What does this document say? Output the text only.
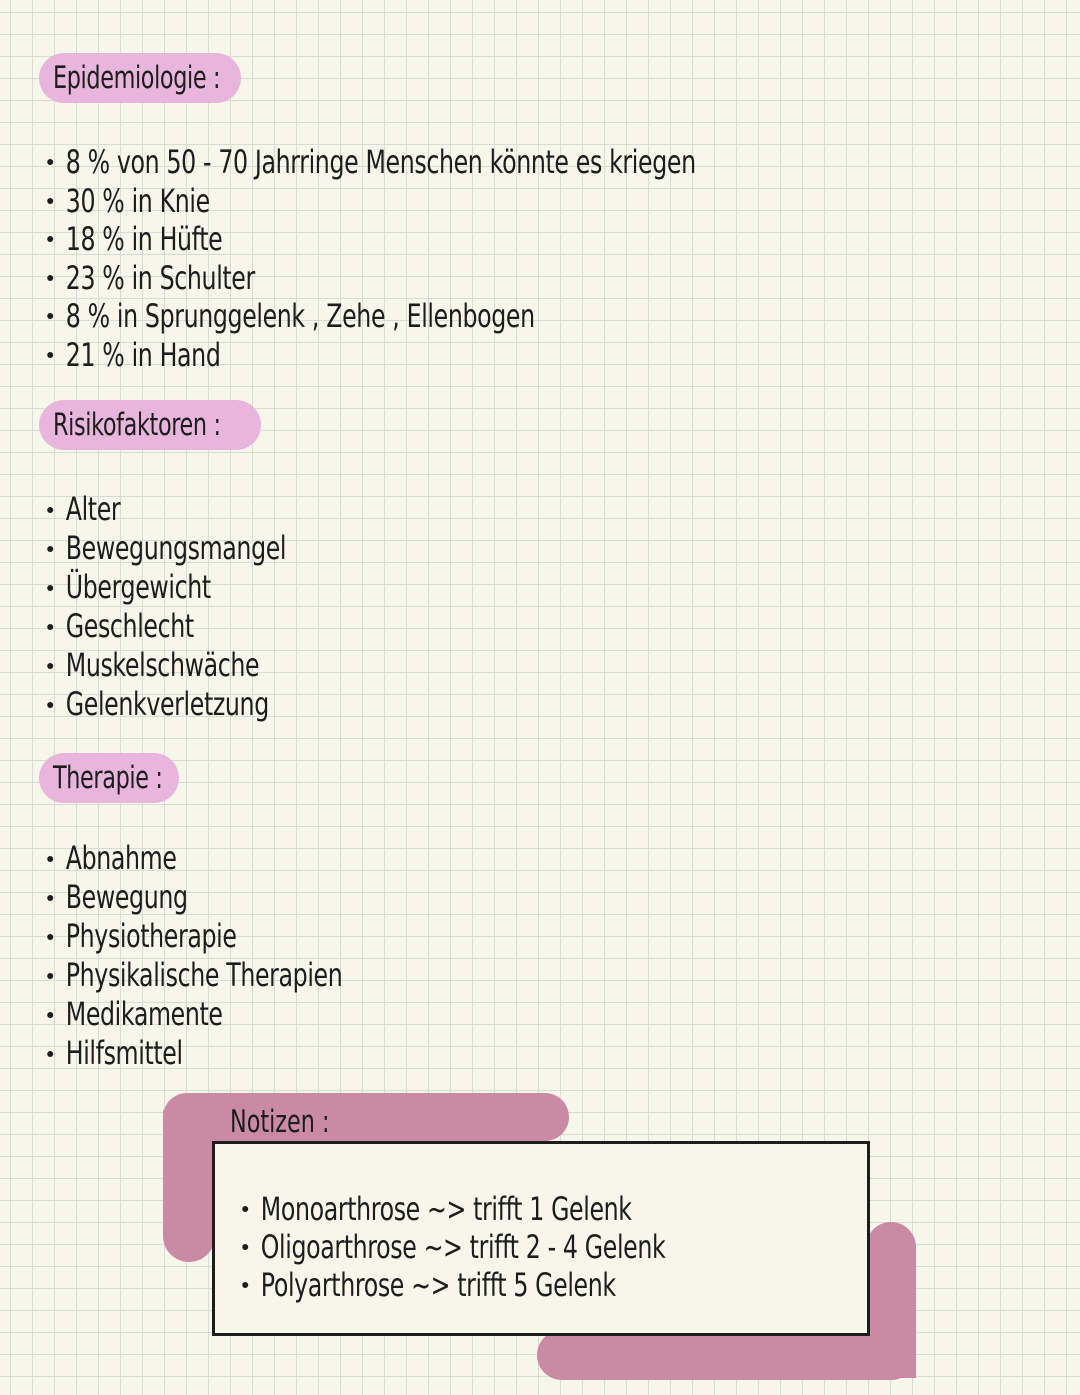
Epidemiologie :
8 % von 50 - 70 Jahrringe Menschen könnte es kriegen
30 % in Knie
18 % in Hüfte
23 % in Schulter
8 % in Sprunggelenk , Zehe , Ellenbogen
21 % in Hand
Risikofaktoren :
Alter
Bewegungsmangel
Übergewicht
Geschlecht
Muskelschwäche
Gelenkverletzung
Therapie :
Abnahme
Bewegung
Physiotherapie
Physikalische Therapien
Medikamente
Hilfsmittel
Notizen :
Monoarthrose ~> trifft 1 Gelenk
Oligoarthrose ~> trifft 2 - 4 Gelenk
Polyarthrose ~> trifft 5 Gelenk
